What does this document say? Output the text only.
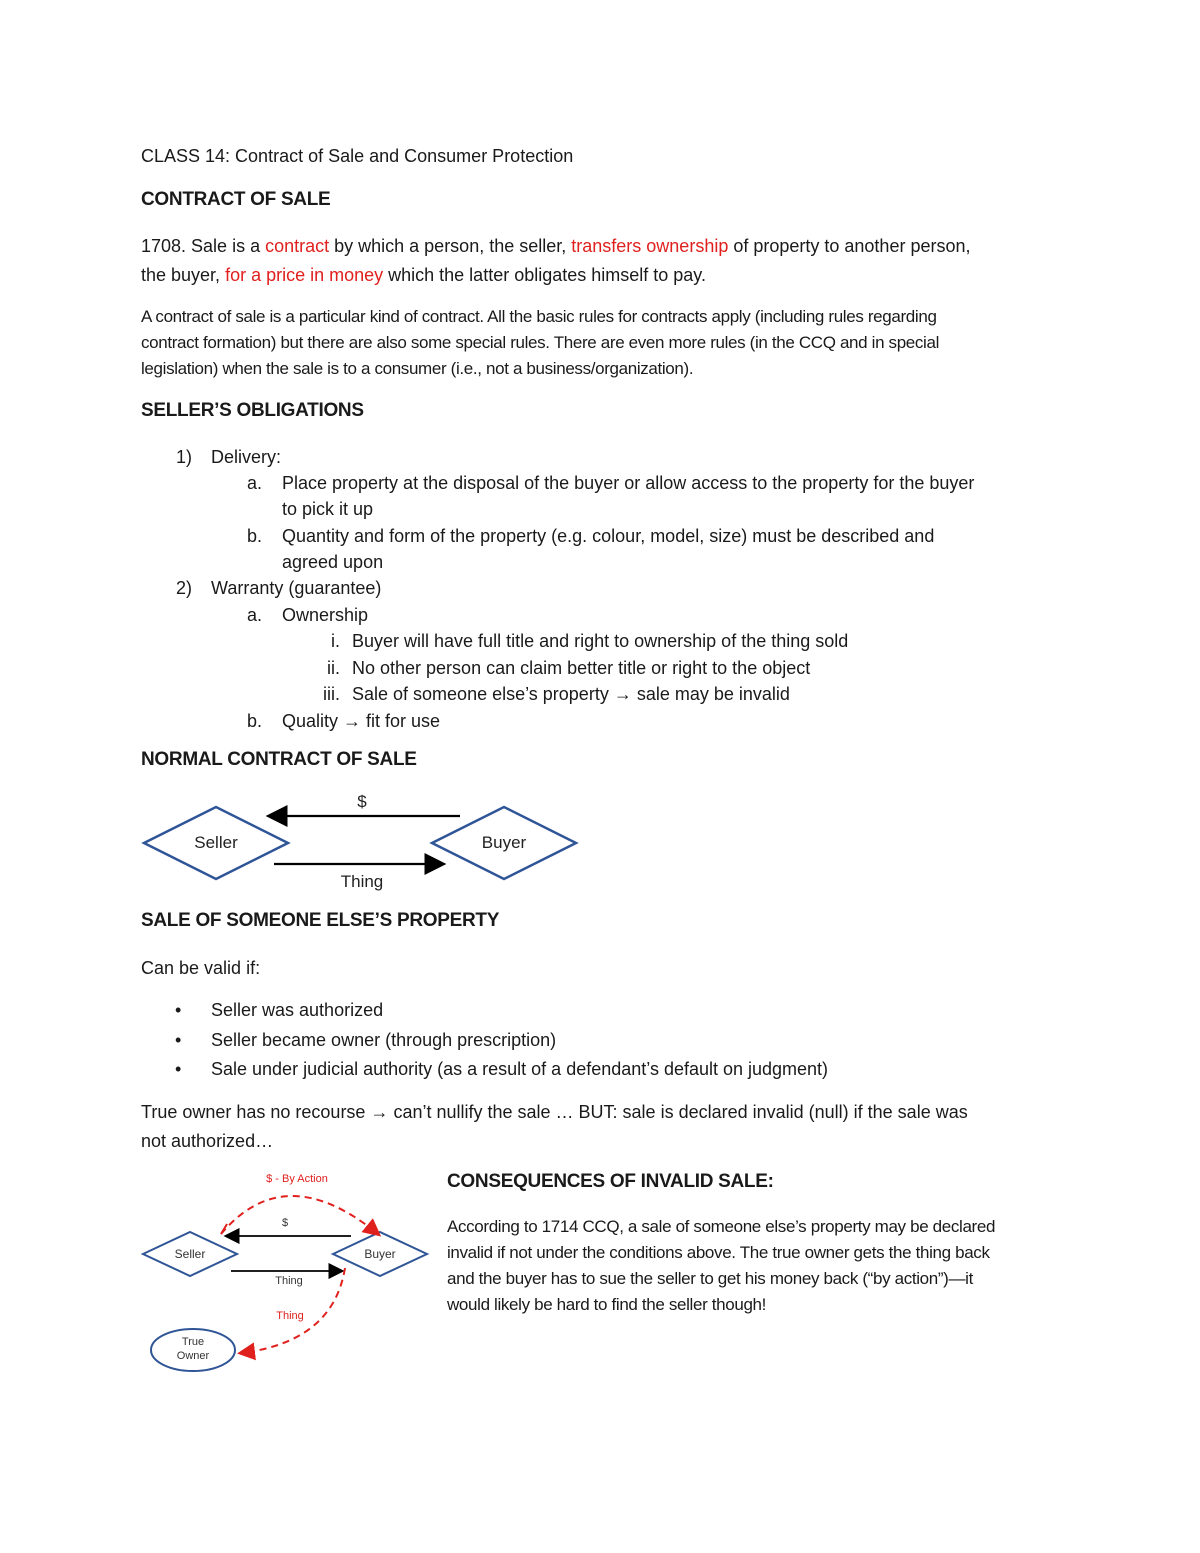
CLASS 14: Contract of Sale and Consumer Protection
CONTRACT OF SALE
1708. Sale is a contract by which a person, the seller, transfers ownership of property to another person,
the buyer, for a price in money which the latter obligates himself to pay.
A contract of sale is a particular kind of contract. All the basic rules for contracts apply (including rules regarding
contract formation) but there are also some special rules. There are even more rules (in the CCQ and in special
legislation) when the sale is to a consumer (i.e., not a business/organization).
SELLER’S OBLIGATIONS
1) Delivery:
a. Place property at the disposal of the buyer or allow access to the property for the buyer
to pick it up
b. Quantity and form of the property (e.g. colour, model, size) must be described and
agreed upon
2) Warranty (guarantee)
a. Ownership
i. Buyer will have full title and right to ownership of the thing sold
ii. No other person can claim better title or right to the object
iii. Sale of someone else’s property → sale may be invalid
b. Quality → fit for use
NORMAL CONTRACT OF SALE
Seller	Buyer
$
Thing
SALE OF SOMEONE ELSE’S PROPERTY
Can be valid if:
• Seller was authorized
• Seller became owner (through prescription)
• Sale under judicial authority (as a result of a defendant’s default on judgment)
True owner has no recourse → can’t nullify the sale … BUT: sale is declared invalid (null) if the sale was
not authorized…
Seller	Buyer
True
Owner
$
Thing
$ - By Action
Thing
CONSEQUENCES OF INVALID SALE:
According to 1714 CCQ, a sale of someone else’s property may be declared
invalid if not under the conditions above. The true owner gets the thing back
and the buyer has to sue the seller to get his money back (“by action”)—it
would likely be hard to find the seller though!
